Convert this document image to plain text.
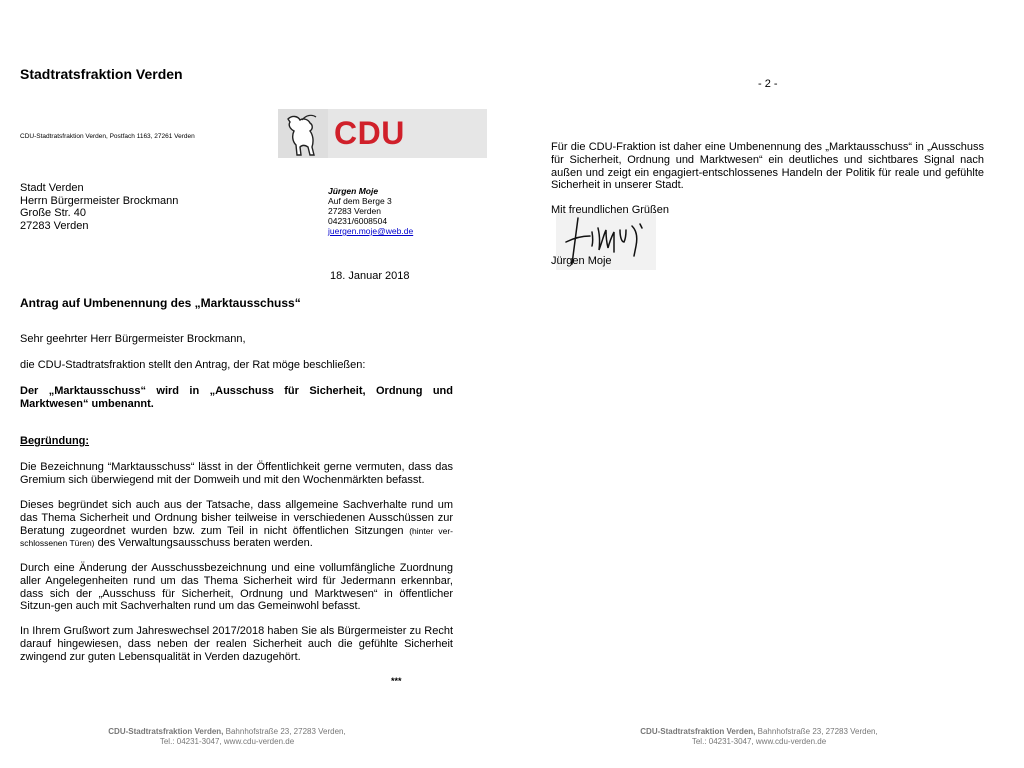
Stadtratsfraktion Verden
CDU-Stadtratsfraktion Verden, Postfach 1163, 27261 Verden	CDU
Stadt Verden
Herrn Bürgermeister Brockmann
Große Str. 40
27283 Verden
Jürgen Moje
Auf dem Berge 3
27283 Verden
04231/6008504
juergen.moje@web.de
18. Januar 2018
Antrag auf Umbenennung des „Marktausschuss“
Sehr geehrter Herr Bürgermeister Brockmann,
die CDU-Stadtratsfraktion stellt den Antrag, der Rat möge beschließen:
Der „Marktausschuss“ wird in „Ausschuss für Sicherheit, Ordnung und Marktwesen“ umbenannt.
Begründung:
Die Bezeichnung “Marktausschuss“ lässt in der Öffentlichkeit gerne vermuten, dass das Gremium sich überwiegend mit der Domweih und mit den Wochenmärkten befasst.
Dieses begründet sich auch aus der Tatsache, dass allgemeine Sachverhalte rund um das Thema Sicherheit und Ordnung bisher teilweise in verschiedenen Ausschüssen zur Beratung zugeordnet wurden bzw. zum Teil in nicht öffentlichen Sitzungen (hinter ver-schlossenen Türen) des Verwaltungsausschuss beraten werden.
Durch eine Änderung der Ausschussbezeichnung und eine vollumfängliche Zuordnung aller Angelegenheiten rund um das Thema Sicherheit wird für Jedermann erkennbar, dass sich der „Ausschuss für Sicherheit, Ordnung und Marktwesen“ in öffentlicher Sitzun-gen auch mit Sachverhalten rund um das Gemeinwohl befasst.
In Ihrem Grußwort zum Jahreswechsel 2017/2018 haben Sie als Bürgermeister zu Recht darauf hingewiesen, dass neben der realen Sicherheit auch die gefühlte Sicherheit zwingend zur guten Lebensqualität in Verden dazugehört.
***
CDU-Stadtratsfraktion Verden, Bahnhofstraße 23, 27283 Verden,
Tel.: 04231-3047, www.cdu-verden.de
- 2 -
Für die CDU-Fraktion ist daher eine Umbenennung des „Marktausschuss“ in „Ausschuss für Sicherheit, Ordnung und Marktwesen“ ein deutliches und sichtbares Signal nach außen und zeigt ein engagiert-entschlossenes Handeln der Politik für reale und gefühlte Sicherheit in unserer Stadt.
Mit freundlichen Grüßen
Jürgen Moje
CDU-Stadtratsfraktion Verden, Bahnhofstraße 23, 27283 Verden,
Tel.: 04231-3047, www.cdu-verden.de
